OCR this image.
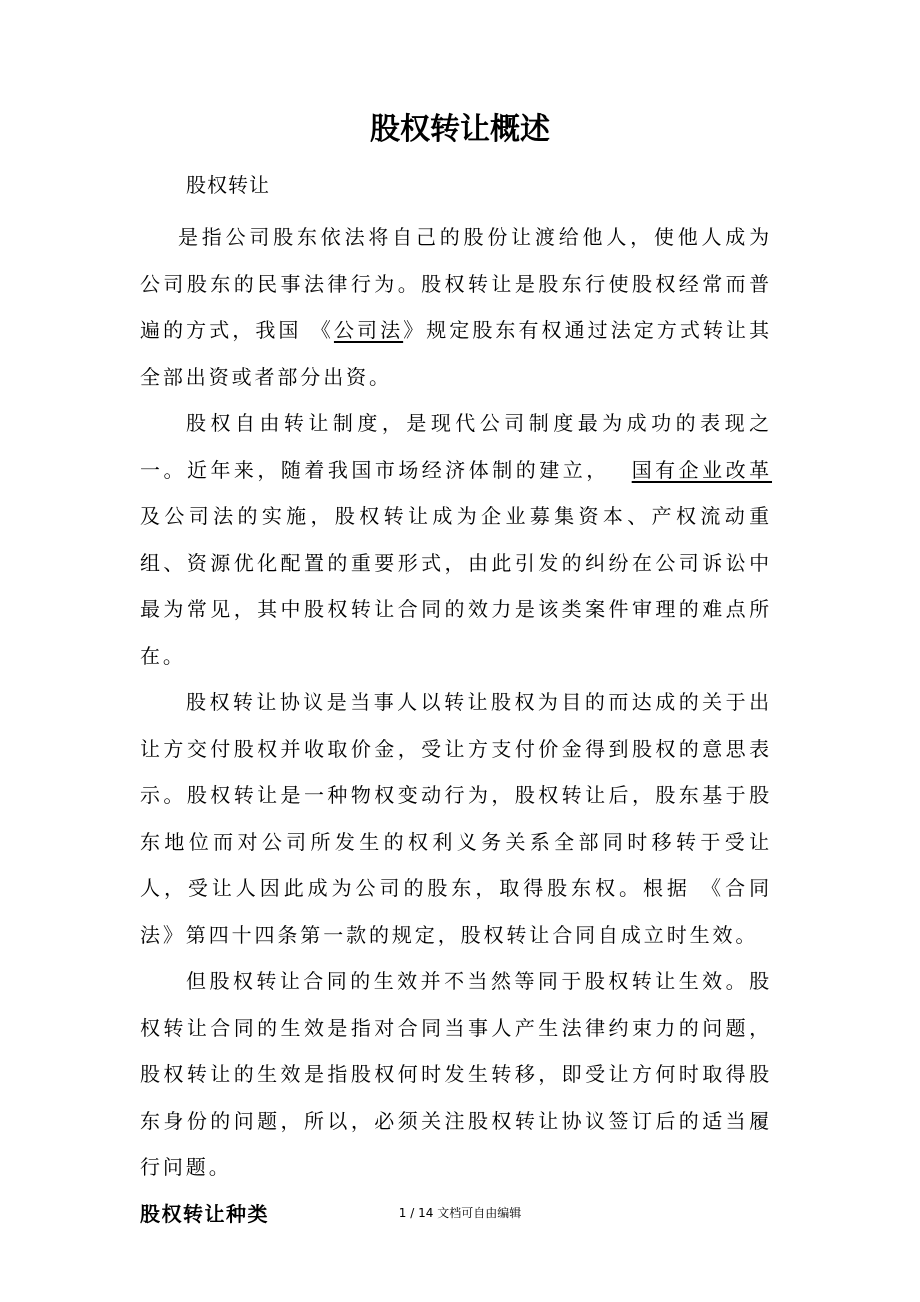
股权转让概述

股权转让

是指公司股东依法将自己的股份让渡给他人，使他人成为公司股东的民事法律行为。股权转让是股东行使股权经常而普遍的方式，我国 《公司法》规定股东有权通过法定方式转让其全部出资或者部分出资。

股权自由转让制度，是现代公司制度最为成功的表现之一。近年来，随着我国市场经济体制的建立， 国有企业改革及公司法的实施，股权转让成为企业募集资本、产权流动重组、资源优化配置的重要形式，由此引发的纠纷在公司诉讼中最为常见，其中股权转让合同的效力是该类案件审理的难点所在。

股权转让协议是当事人以转让股权为目的而达成的关于出让方交付股权并收取价金，受让方支付价金得到股权的意思表示。股权转让是一种物权变动行为，股权转让后，股东基于股东地位而对公司所发生的权利义务关系全部同时移转于受让人，受让人因此成为公司的股东，取得股东权。根据 《合同法》第四十四条第一款的规定，股权转让合同自成立时生效。

但股权转让合同的生效并不当然等同于股权转让生效。股权转让合同的生效是指对合同当事人产生法律约束力的问题，股权转让的生效是指股权何时发生转移，即受让方何时取得股东身份的问题，所以，必须关注股权转让协议签订后的适当履行问题。

股权转让种类	1 / 14 文档可自由编辑
